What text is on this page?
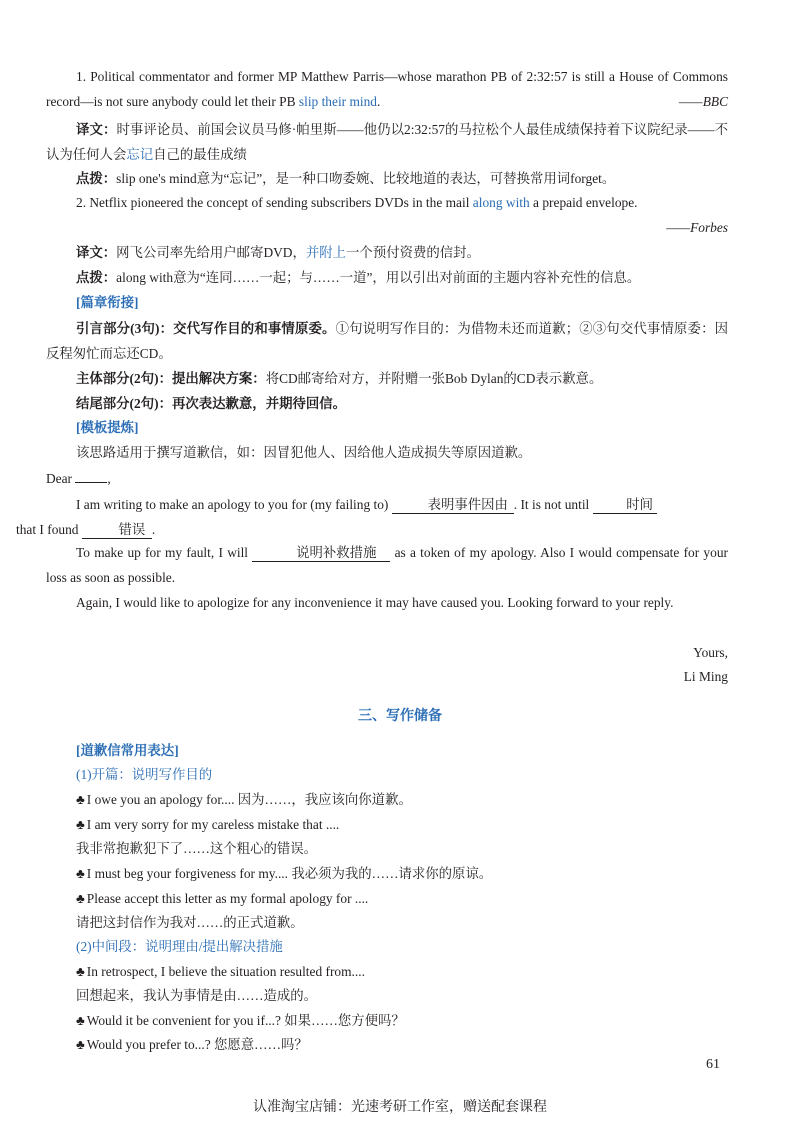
1. Political commentator and former MP Matthew Parris—whose marathon PB of 2:32:57 is still a House of Commons record—is not sure anybody could let their PB slip their mind.	——BBC

译文：时事评论员、前国会议员马修·帕里斯——他仍以2:32:57的马拉松个人最佳成绩保持着下议院纪录——不认为任何人会忘记自己的最佳成绩

点拨：slip one's mind意为“忘记”，是一种口吻委婉、比较地道的表达，可替换常用词forget。

2. Netflix pioneered the concept of sending subscribers DVDs in the mail along with a prepaid envelope.
——Forbes

译文：网飞公司率先给用户邮寄DVD，并附上一个预付资费的信封。

点拨：along with意为“连同……一起；与……一道”，用以引出对前面的主题内容补充性的信息。

[篇章衔接]

引言部分(3句)：交代写作目的和事情原委。①句说明写作目的：为借物未还而道歉；②③句交代事情原委：因反程匆忙而忘还CD。

主体部分(2句)：提出解决方案：将CD邮寄给对方，并附赠一张Bob Dylan的CD表示歉意。

结尾部分(2句)：再次表达歉意，并期待回信。

[模板提炼]

该思路适用于撰写道歉信，如：因冒犯他人、因给他人造成损失等原因道歉。

Dear	,

I am writing to make an apology to you for (my failing to)	表明事件因由 . It is not until	时间
that I found	错误 .

To make up for my fault, I will	说明补救措施 as a token of my apology. Also I would compensate for your loss as soon as possible.

Again, I would like to apologize for any inconvenience it may have caused you. Looking forward to your reply.

Yours,

Li Ming

三、写作储备

[道歉信常用表达]

(1)开篇：说明写作目的

♣ I owe you an apology for.... 因为……，我应该向你道歉。

♣ I am very sorry for my careless mistake that ....

我非常抱歉犯下了……这个粗心的错误。

♣ I must beg your forgiveness for my.... 我必须为我的……请求你的原谅。

♣ Please accept this letter as my formal apology for ....

请把这封信作为我对……的正式道歉。

(2)中间段：说明理由/提出解决措施

♣ In retrospect, I believe the situation resulted from....

回想起来，我认为事情是由……造成的。

♣ Would it be convenient for you if...? 如果……您方便吗？

♣ Would you prefer to...? 您愿意……吗？

61
认准淘宝店铺：光速考研工作室，赠送配套课程
